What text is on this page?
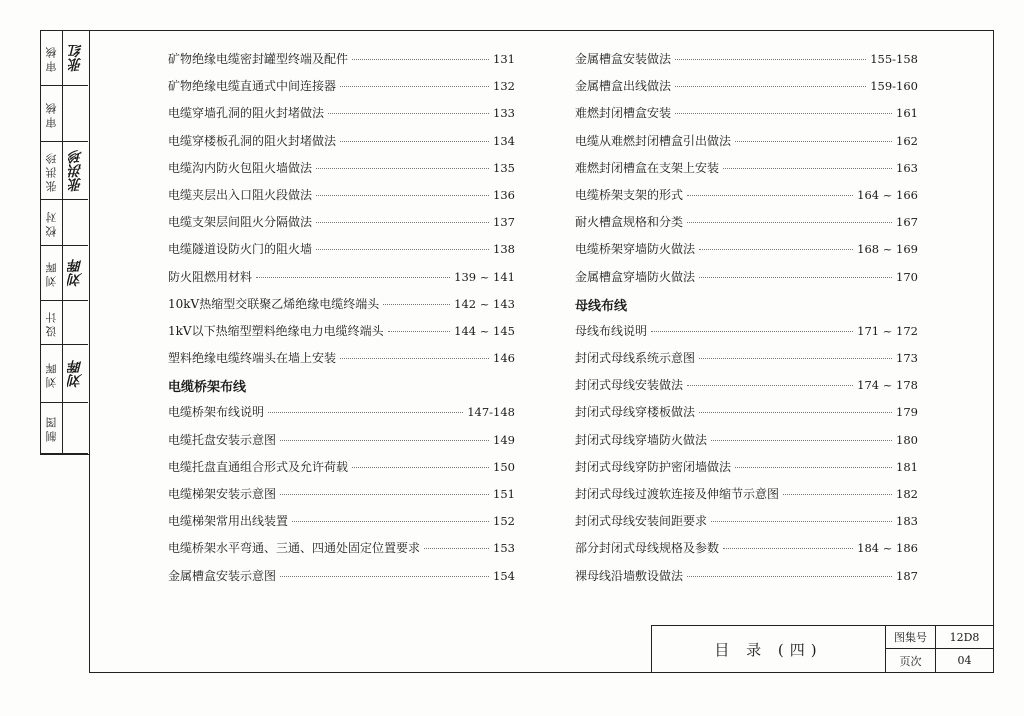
审核 张红
审核
张洪珍 张洪珍
校对
刘晖 刘晖
设计
刘晖 刘晖
制图
矿物绝缘电缆密封罐型终端及配件	131
矿物绝缘电缆直通式中间连接器	132
电缆穿墙孔洞的阻火封堵做法	133
电缆穿楼板孔洞的阻火封堵做法	134
电缆沟内防火包阻火墙做法	135
电缆夹层出入口阻火段做法	136
电缆支架层间阻火分隔做法	137
电缆隧道设防火门的阻火墙	138
防火阻燃用材料	139 ~ 141
10kV热缩型交联聚乙烯绝缘电缆终端头	142 ~ 143
1kV以下热缩型塑料绝缘电力电缆终端头	144 ~ 145
塑料绝缘电缆终端头在墙上安装	146
电缆桥架布线
电缆桥架布线说明	147-148
电缆托盘安装示意图	149
电缆托盘直通组合形式及允许荷载	150
电缆梯架安装示意图	151
电缆梯架常用出线装置	152
电缆桥架水平弯通、三通、四通处固定位置要求	153
金属槽盒安装示意图	154
金属槽盒安装做法	155-158
金属槽盒出线做法	159-160
难燃封闭槽盒安装	161
电缆从难燃封闭槽盒引出做法	162
难燃封闭槽盒在支架上安装	163
电缆桥架支架的形式	164 ~ 166
耐火槽盒规格和分类	167
电缆桥架穿墙防火做法	168 ~ 169
金属槽盒穿墙防火做法	170
母线布线
母线布线说明	171 ~ 172
封闭式母线系统示意图	173
封闭式母线安装做法	174 ~ 178
封闭式母线穿楼板做法	179
封闭式母线穿墙防火做法	180
封闭式母线穿防护密闭墙做法	181
封闭式母线过渡软连接及伸缩节示意图	182
封闭式母线安装间距要求	183
部分封闭式母线规格及参数	184 ~ 186
裸母线沿墙敷设做法	187
目 录 (四)
图集号	12D8
页次	04
